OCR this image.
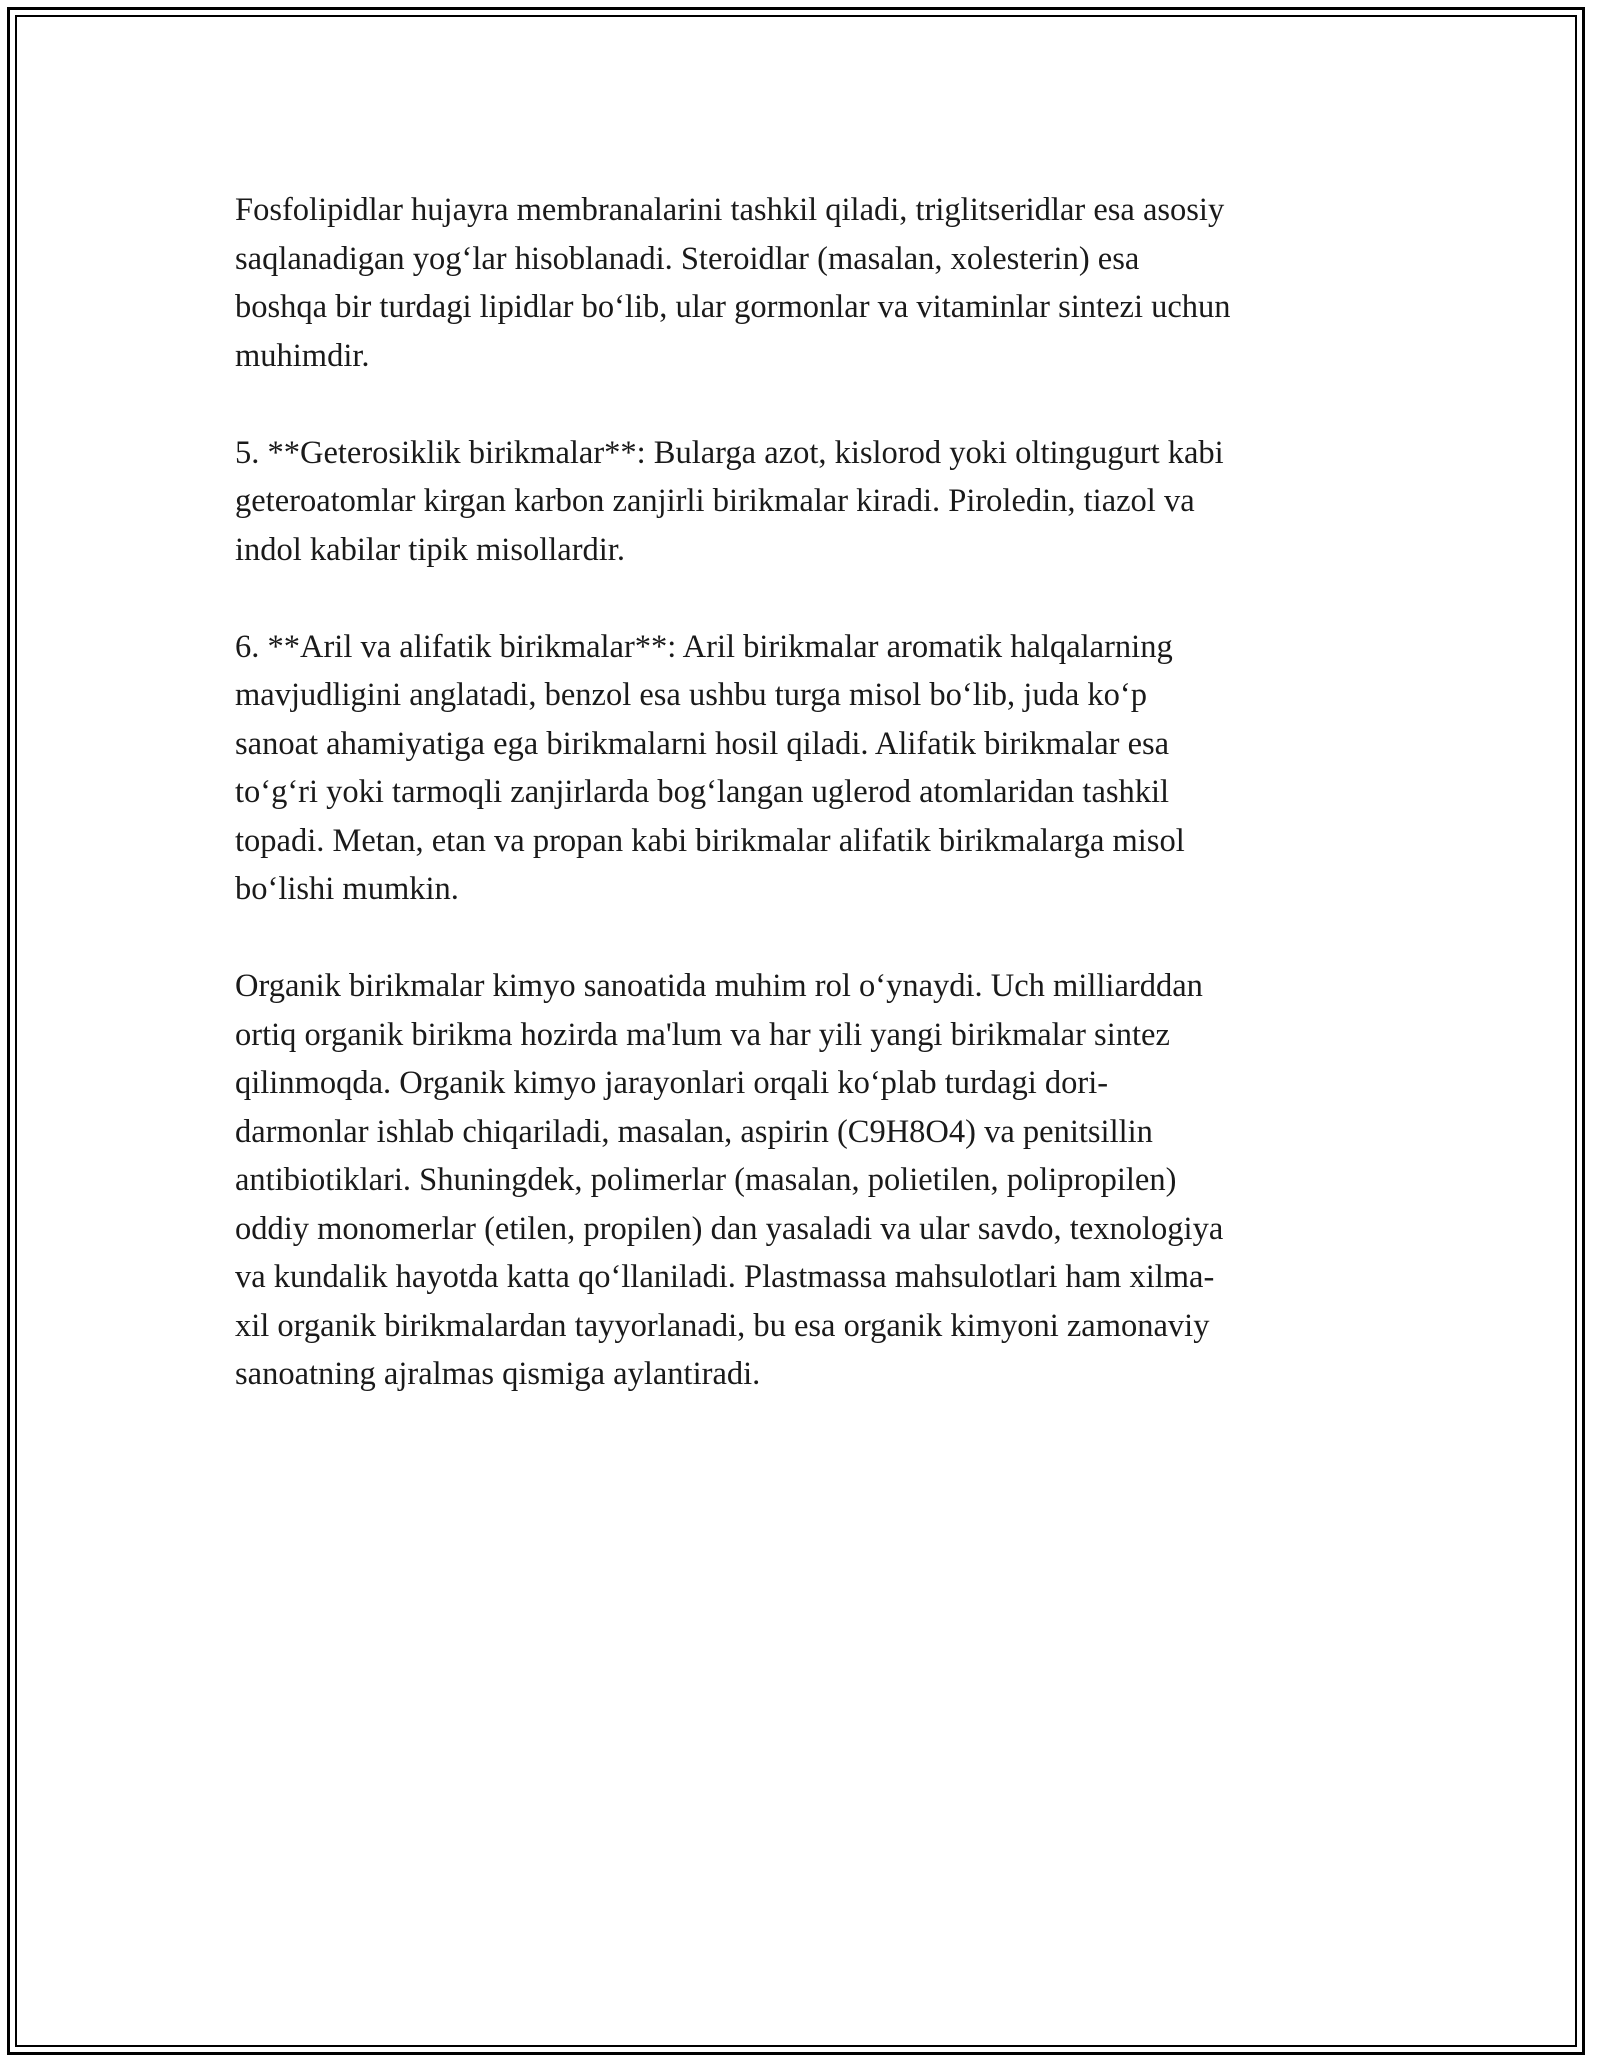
Fosfolipidlar hujayra membranalarini tashkil qiladi, triglitseridlar esa asosiy
saqlanadigan yog‘lar hisoblanadi. Steroidlar (masalan, xolesterin) esa
boshqa bir turdagi lipidlar bo‘lib, ular gormonlar va vitaminlar sintezi uchun
muhimdir.

5. **Geterosiklik birikmalar**: Bularga azot, kislorod yoki oltingugurt kabi
geteroatomlar kirgan karbon zanjirli birikmalar kiradi. Piroledin, tiazol va
indol kabilar tipik misollardir.

6. **Aril va alifatik birikmalar**: Aril birikmalar aromatik halqalarning
mavjudligini anglatadi, benzol esa ushbu turga misol bo‘lib, juda ko‘p
sanoat ahamiyatiga ega birikmalarni hosil qiladi. Alifatik birikmalar esa
to‘g‘ri yoki tarmoqli zanjirlarda bog‘langan uglerod atomlaridan tashkil
topadi. Metan, etan va propan kabi birikmalar alifatik birikmalarga misol
bo‘lishi mumkin.

Organik birikmalar kimyo sanoatida muhim rol o‘ynaydi. Uch milliarddan
ortiq organik birikma hozirda ma'lum va har yili yangi birikmalar sintez
qilinmoqda. Organik kimyo jarayonlari orqali ko‘plab turdagi dori-
darmonlar ishlab chiqariladi, masalan, aspirin (C9H8O4) va penitsillin
antibiotiklari. Shuningdek, polimerlar (masalan, polietilen, polipropilen)
oddiy monomerlar (etilen, propilen) dan yasaladi va ular savdo, texnologiya
va kundalik hayotda katta qo‘llaniladi. Plastmassa mahsulotlari ham xilma-
xil organik birikmalardan tayyorlanadi, bu esa organik kimyoni zamonaviy
sanoatning ajralmas qismiga aylantiradi.
